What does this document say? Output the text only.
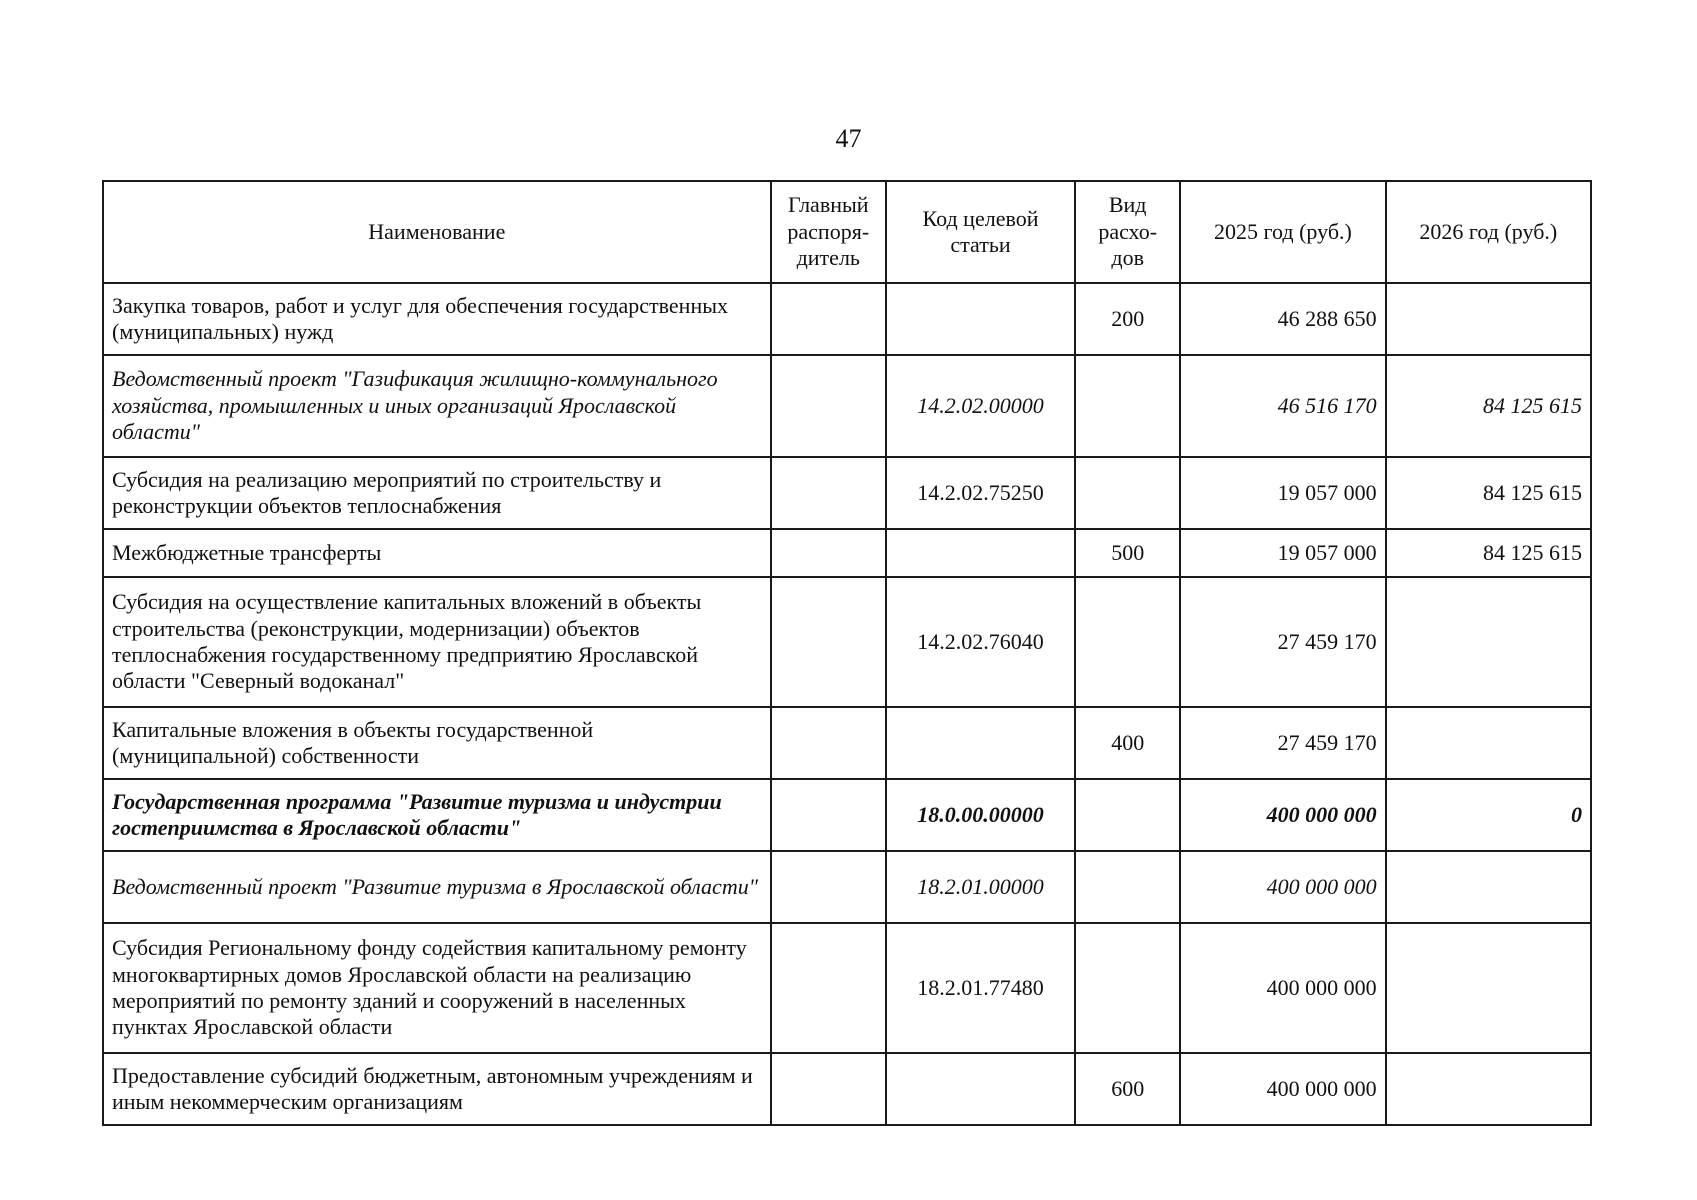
47
Наименование	Главный распоря-дитель	Код целевой статьи	Вид расхо-дов	2025 год (руб.)	2026 год (руб.)
Закупка товаров, работ и услуг для обеспечения государственных (муниципальных) нужд			200	46 288 650	
Ведомственный проект "Газификация жилищно-коммунального хозяйства, промышленных и иных организаций Ярославской области"		14.2.02.00000		46 516 170	84 125 615
Субсидия на реализацию мероприятий по строительству и реконструкции объектов теплоснабжения		14.2.02.75250		19 057 000	84 125 615
Межбюджетные трансферты			500	19 057 000	84 125 615
Субсидия на осуществление капитальных вложений в объекты строительства (реконструкции, модернизации) объектов теплоснабжения государственному предприятию Ярославской области "Северный водоканал"		14.2.02.76040		27 459 170	
Капитальные вложения в объекты государственной (муниципальной) собственности			400	27 459 170	
Государственная программа "Развитие туризма и индустрии гостеприимства в Ярославской области"		18.0.00.00000		400 000 000	0
Ведомственный проект "Развитие туризма в Ярославской области"		18.2.01.00000		400 000 000	
Субсидия Региональному фонду содействия капитальному ремонту многоквартирных домов Ярославской области на реализацию мероприятий по ремонту зданий и сооружений в населенных пунктах Ярославской области		18.2.01.77480		400 000 000	
Предоставление субсидий бюджетным, автономным учреждениям и иным некоммерческим организациям			600	400 000 000	
